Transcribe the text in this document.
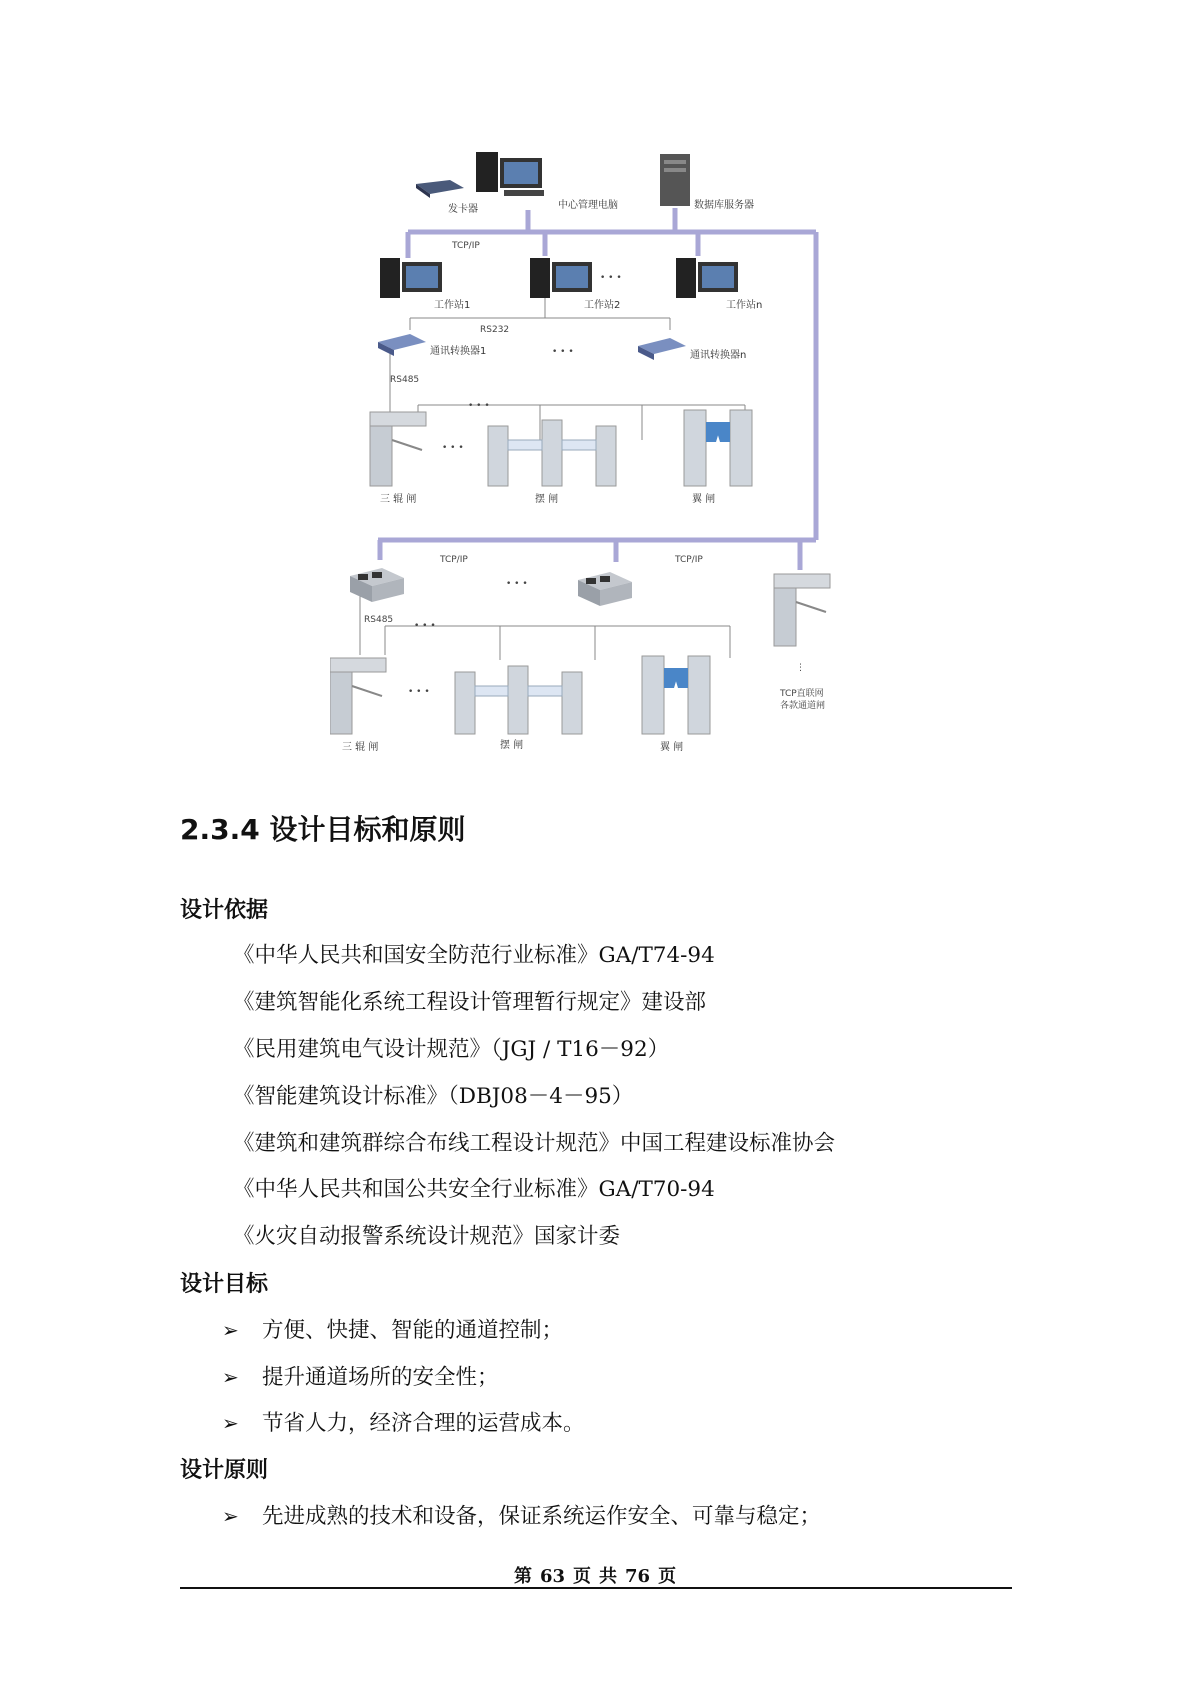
发卡器	中心管理电脑	数据库服务器
TCP/IP
• • •
工作站1	工作站2	工作站n
RS232
通讯转换器1	• • •	通讯转换器n
RS485
• • •
• • •
三 辊 闸	摆 闸	翼 闸
TCP/IP	TCP/IP
• • •
⋮
TCP直联网
各款通道闸
RS485
• • •
• • •
三 辊 闸	摆 闸	翼 闸
2.3.4 设计目标和原则
设计依据
《中华人民共和国安全防范行业标准》GA/T74-94
《建筑智能化系统工程设计管理暂行规定》建设部
《民用建筑电气设计规范》（JGJ / T16－92）
《智能建筑设计标准》（DBJ08－4－95）
《建筑和建筑群综合布线工程设计规范》中国工程建设标准协会
《中华人民共和国公共安全行业标准》GA/T70-94
《火灾自动报警系统设计规范》国家计委
设计目标
➢ 方便、快捷、智能的通道控制；
➢ 提升通道场所的安全性；
➢ 节省人力，经济合理的运营成本。
设计原则
➢ 先进成熟的技术和设备，保证系统运作安全、可靠与稳定；
第 63 页 共 76 页
